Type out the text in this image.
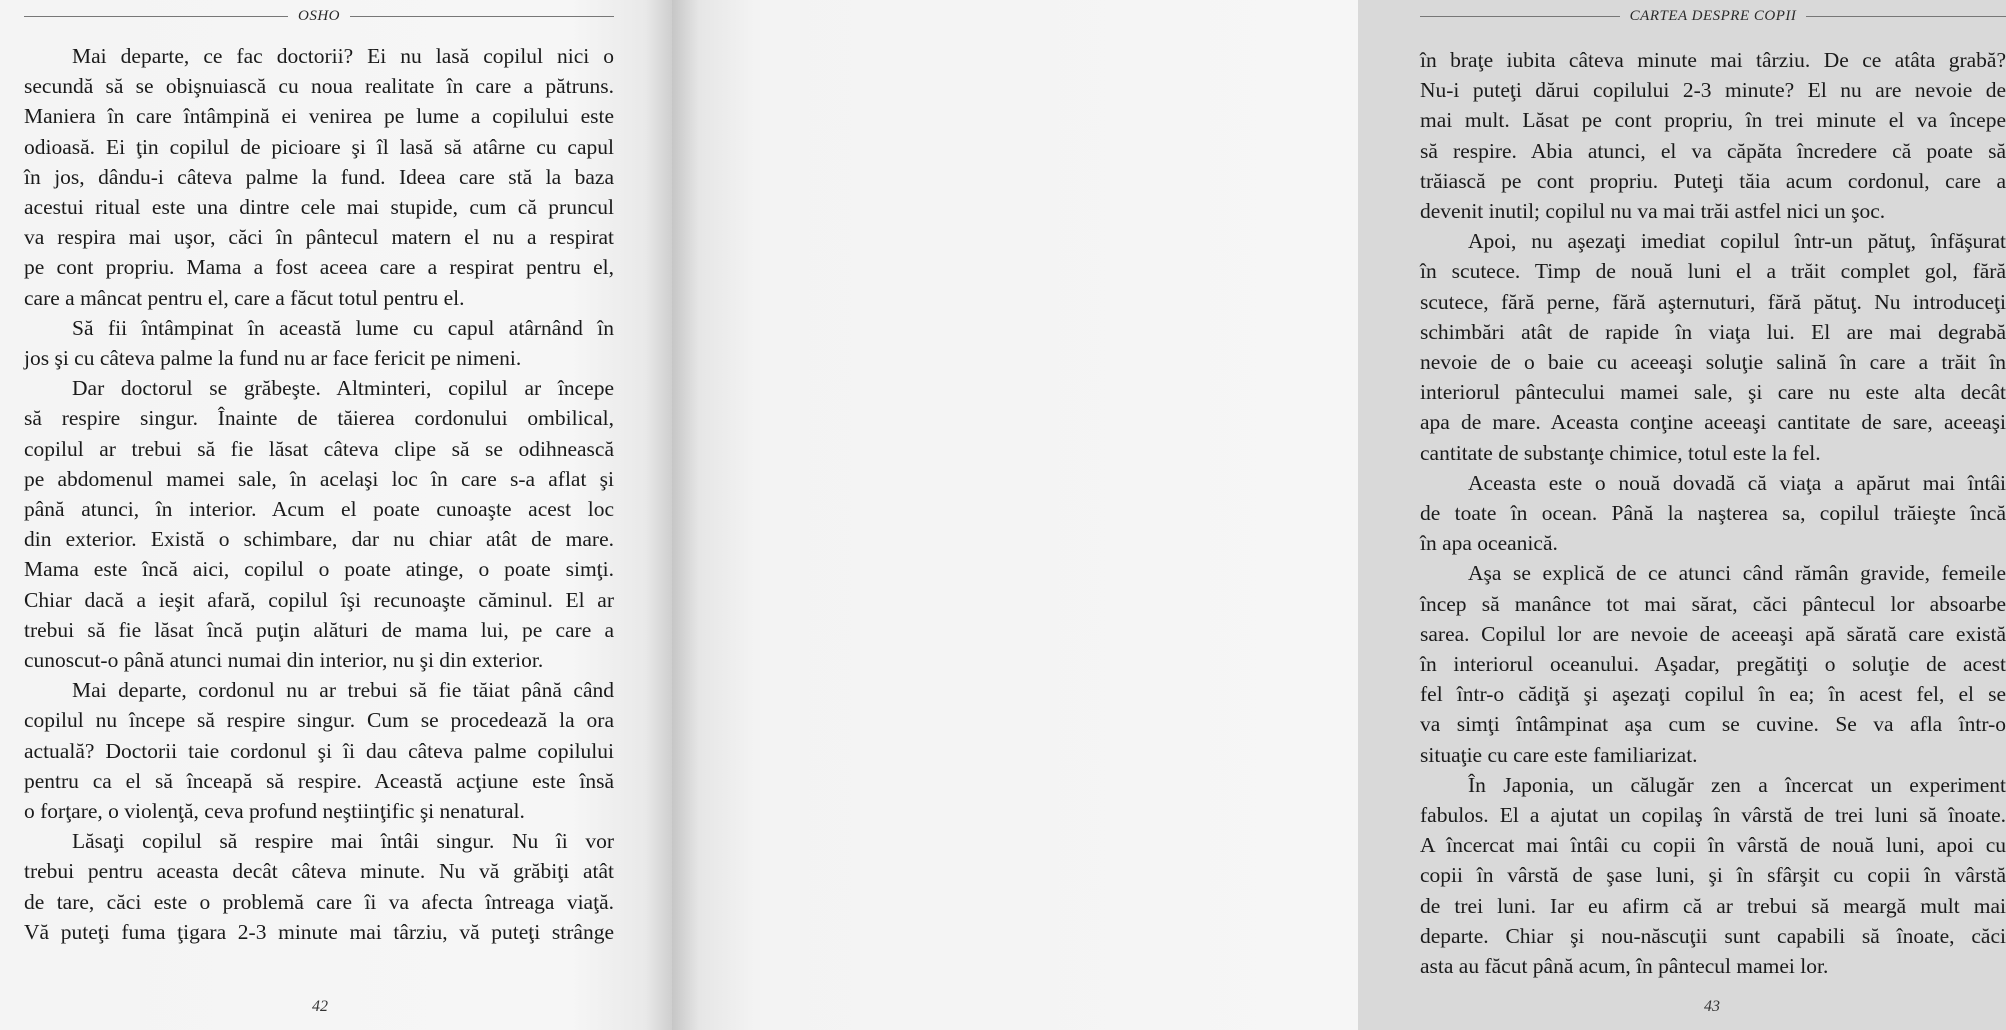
OSHO
Mai departe, ce fac doctorii? Ei nu lasă copilul nici o
secundă să se obişnuiască cu noua realitate în care a pătruns.
Maniera în care întâmpină ei venirea pe lume a copilului este
odioasă. Ei ţin copilul de picioare şi îl lasă să atârne cu capul
în jos, dându-i câteva palme la fund. Ideea care stă la baza
acestui ritual este una dintre cele mai stupide, cum că pruncul
va respira mai uşor, căci în pântecul matern el nu a respirat
pe cont propriu. Mama a fost aceea care a respirat pentru el,
care a mâncat pentru el, care a făcut totul pentru el.
Să fii întâmpinat în această lume cu capul atârnând în
jos şi cu câteva palme la fund nu ar face fericit pe nimeni.
Dar doctorul se grăbeşte. Altminteri, copilul ar începe
să respire singur. Înainte de tăierea cordonului ombilical,
copilul ar trebui să fie lăsat câteva clipe să se odihnească
pe abdomenul mamei sale, în acelaşi loc în care s-a aflat şi
până atunci, în interior. Acum el poate cunoaşte acest loc
din exterior. Există o schimbare, dar nu chiar atât de mare.
Mama este încă aici, copilul o poate atinge, o poate simţi.
Chiar dacă a ieşit afară, copilul îşi recunoaşte căminul. El ar
trebui să fie lăsat încă puţin alături de mama lui, pe care a
cunoscut-o până atunci numai din interior, nu şi din exterior.
Mai departe, cordonul nu ar trebui să fie tăiat până când
copilul nu începe să respire singur. Cum se procedează la ora
actuală? Doctorii taie cordonul şi îi dau câteva palme copilului
pentru ca el să înceapă să respire. Această acţiune este însă
o forţare, o violenţă, ceva profund neştiinţific şi nenatural.
Lăsaţi copilul să respire mai întâi singur. Nu îi vor
trebui pentru aceasta decât câteva minute. Nu vă grăbiţi atât
de tare, căci este o problemă care îi va afecta întreaga viaţă.
Vă puteţi fuma ţigara 2-3 minute mai târziu, vă puteţi strânge
42
CARTEA DESPRE COPII
în braţe iubita câteva minute mai târziu. De ce atâta grabă?
Nu-i puteţi dărui copilului 2-3 minute? El nu are nevoie de
mai mult. Lăsat pe cont propriu, în trei minute el va începe
să respire. Abia atunci, el va căpăta încredere că poate să
trăiască pe cont propriu. Puteţi tăia acum cordonul, care a
devenit inutil; copilul nu va mai trăi astfel nici un şoc.
Apoi, nu aşezaţi imediat copilul într-un pătuţ, înfăşurat
în scutece. Timp de nouă luni el a trăit complet gol, fără
scutece, fără perne, fără aşternuturi, fără pătuţ. Nu introduceţi
schimbări atât de rapide în viaţa lui. El are mai degrabă
nevoie de o baie cu aceeaşi soluţie salină în care a trăit în
interiorul pântecului mamei sale, şi care nu este alta decât
apa de mare. Aceasta conţine aceeaşi cantitate de sare, aceeaşi
cantitate de substanţe chimice, totul este la fel.
Aceasta este o nouă dovadă că viaţa a apărut mai întâi
de toate în ocean. Până la naşterea sa, copilul trăieşte încă
în apa oceanică.
Aşa se explică de ce atunci când rămân gravide, femeile
încep să manânce tot mai sărat, căci pântecul lor absoarbe
sarea. Copilul lor are nevoie de aceeaşi apă sărată care există
în interiorul oceanului. Aşadar, pregătiţi o soluţie de acest
fel într-o cădiţă şi aşezaţi copilul în ea; în acest fel, el se
va simţi întâmpinat aşa cum se cuvine. Se va afla într-o
situaţie cu care este familiarizat.
În Japonia, un călugăr zen a încercat un experiment
fabulos. El a ajutat un copilaş în vârstă de trei luni să înoate.
A încercat mai întâi cu copii în vârstă de nouă luni, apoi cu
copii în vârstă de şase luni, şi în sfârşit cu copii în vârstă
de trei luni. Iar eu afirm că ar trebui să meargă mult mai
departe. Chiar şi nou-născuţii sunt capabili să înoate, căci
asta au făcut până acum, în pântecul mamei lor.
43
